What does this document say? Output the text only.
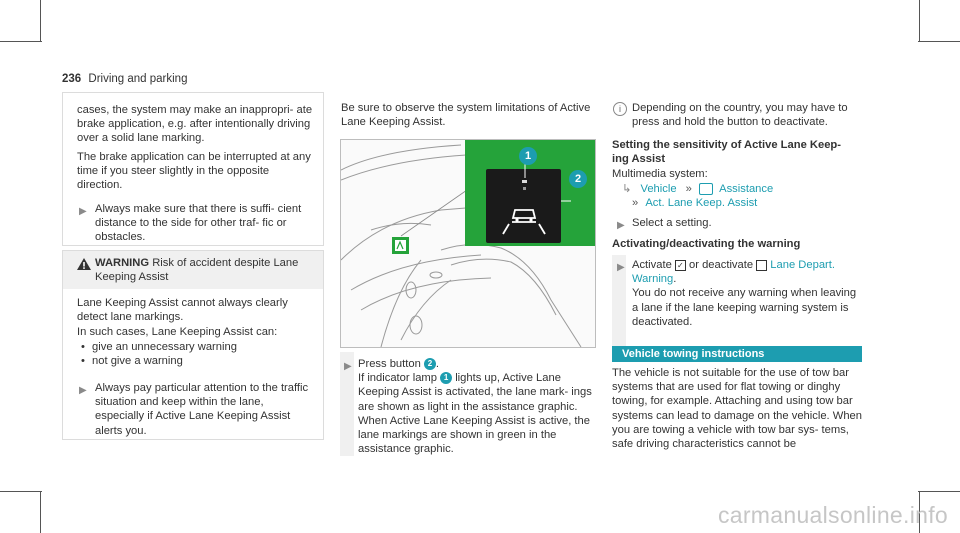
236 Driving and parking
cases, the system may make an inappropri- ate brake application, e.g. after intentionally driving over a solid lane marking.
The brake application can be interrupted at any time if you steer slightly in the opposite direction.
▶ Always make sure that there is suffi- cient distance to the side for other traf- fic or obstacles.
WARNING Risk of accident despite Lane Keeping Assist
Lane Keeping Assist cannot always clearly detect lane markings.
In such cases, Lane Keeping Assist can:
• give an unnecessary warning
• not give a warning
▶ Always pay particular attention to the traffic situation and keep within the lane, especially if Active Lane Keeping Assist alerts you.
Be sure to observe the system limitations of Active Lane Keeping Assist.
1
2
▶ Press button 2 .
If indicator lamp 1 lights up, Active Lane Keeping Assist is activated, the lane mark- ings are shown as light in the assistance graphic. When Active Lane Keeping Assist is active, the lane markings are shown in green in the assistance graphic.
i Depending on the country, you may have to press and hold the button to deactivate.
Setting the sensitivity of Active Lane Keep- ing Assist
Multimedia system:
↳ Vehicle » Assistance
» Act. Lane Keep. Assist
▶ Select a setting.
Activating/deactivating the warning
▶ Activate ✓ or deactivate Lane Depart. Warning.
You do not receive any warning when leaving a lane if the lane keeping warning system is deactivated.
Vehicle towing instructions
The vehicle is not suitable for the use of tow bar systems that are used for flat towing or dinghy towing, for example. Attaching and using tow bar systems can lead to damage on the vehicle. When you are towing a vehicle with tow bar sys- tems, safe driving characteristics cannot be
carmanualsonline.info
